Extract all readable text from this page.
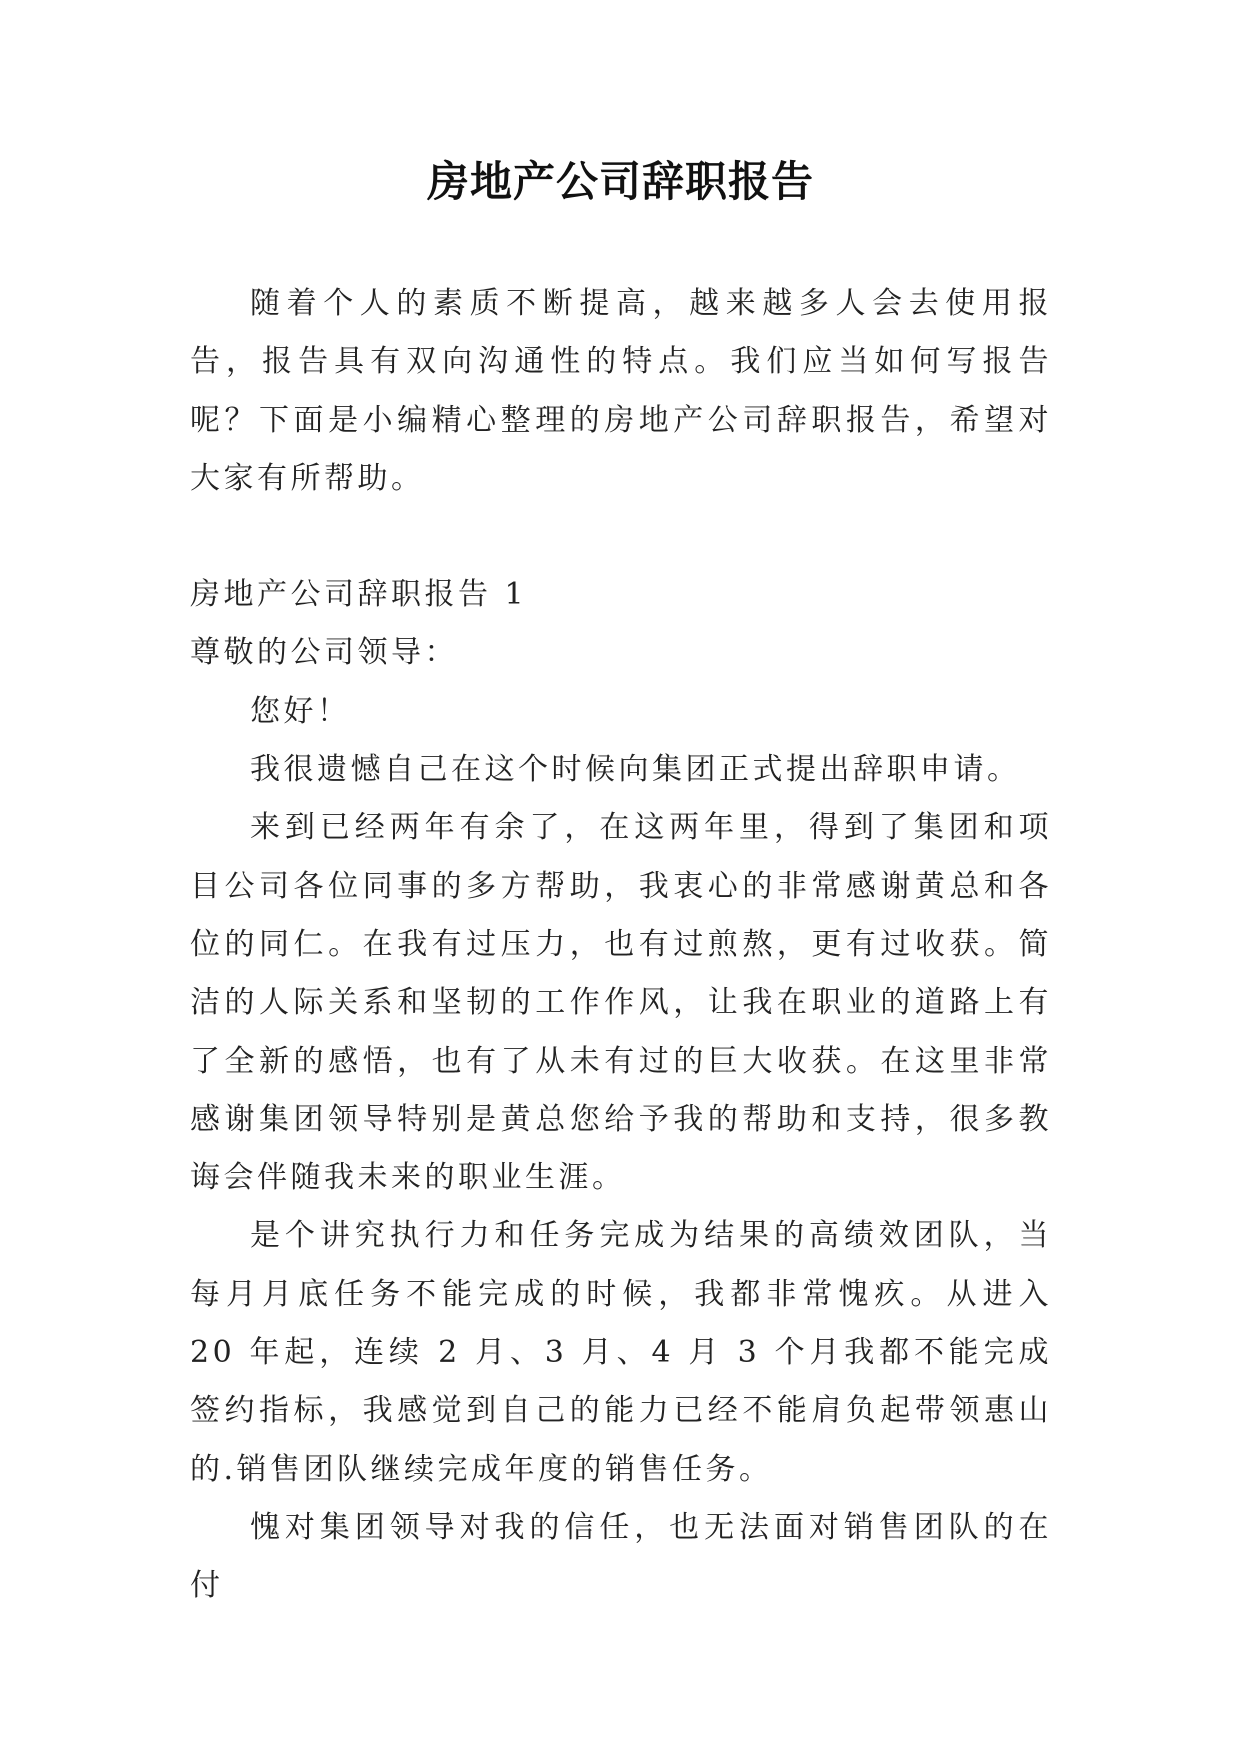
房地产公司辞职报告

随着个人的素质不断提高，越来越多人会去使用报告，报告具有双向沟通性的特点。我们应当如何写报告呢？下面是小编精心整理的房地产公司辞职报告，希望对大家有所帮助。

房地产公司辞职报告 1

尊敬的公司领导：

您好！

我很遗憾自己在这个时候向集团正式提出辞职申请。

来到已经两年有余了，在这两年里，得到了集团和项目公司各位同事的多方帮助，我衷心的非常感谢黄总和各位的同仁。在我有过压力，也有过煎熬，更有过收获。简洁的人际关系和坚韧的工作作风，让我在职业的道路上有了全新的感悟，也有了从未有过的巨大收获。在这里非常感谢集团领导特别是黄总您给予我的帮助和支持，很多教诲会伴随我未来的职业生涯。

是个讲究执行力和任务完成为结果的高绩效团队，当每月月底任务不能完成的时候，我都非常愧疚。从进入 20 年起，连续 2 月、3 月、4 月 3 个月我都不能完成签约指标，我感觉到自己的能力已经不能肩负起带领惠山的.销售团队继续完成年度的销售任务。

愧对集团领导对我的信任，也无法面对销售团队的在付
